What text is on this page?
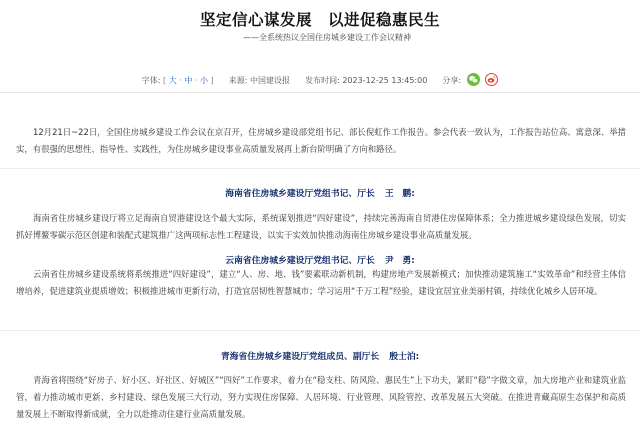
坚定信心谋发展　以进促稳惠民生
——全系统热议全国住房城乡建设工作会议精神
字体: [ 大 · 中 · 小 ] 来源: 中国建设报 发布时间: 2023-12-25 13:45:00 分享:

12月21日~22日，全国住房城乡建设工作会议在京召开，住房城乡建设部党组书记、部长倪虹作工作报告。参会代表一致认为，工作报告站位高、寓意深、举措实，有很强的思想性、指导性、实践性，为住房城乡建设事业高质量发展再上新台阶明确了方向和路径。

海南省住房城乡建设厅党组书记、厅长 王　鹏:

海南省住房城乡建设厅将立足海南自贸港建设这个最大实际，系统谋划推进“四好建设”，持续完善海南自贸港住房保障体系；全力推进城乡建设绿色发展，切实抓好博鳌零碳示范区创建和装配式建筑推广这两项标志性工程建设，以实干实效加快推动海南住房城乡建设事业高质量发展。

云南省住房城乡建设厅党组书记、厅长 尹　勇:

云南省住房城乡建设系统将系统推进“四好建设”，建立“人、房、地、钱”要素联动新机制，构建房地产发展新模式；加快推动建筑施工“实效革命”和经营主体信增培养，促进建筑业提质增效；积极推进城市更新行动，打造宜居韧性智慧城市；学习运用“千万工程”经验，建设宜居宜业美丽村镇，持续优化城乡人居环境。

青海省住房城乡建设厅党组成员、副厅长 殷士泊:

青海省将围绕“好房子、好小区、好社区、好城区”“四好”工作要求，着力在“稳支柱、防风险、惠民生”上下功夫，紧盯“稳”字做文章，加大房地产业和建筑业监管，着力推动城市更新、乡村建设、绿色发展三大行动，努力实现住房保障、人居环境、行业管理、风险管控、改革发展五大突破。在推进青藏高原生态保护和高质量发展上不断取得新成就，全力以赴推动住建行业高质量发展。
